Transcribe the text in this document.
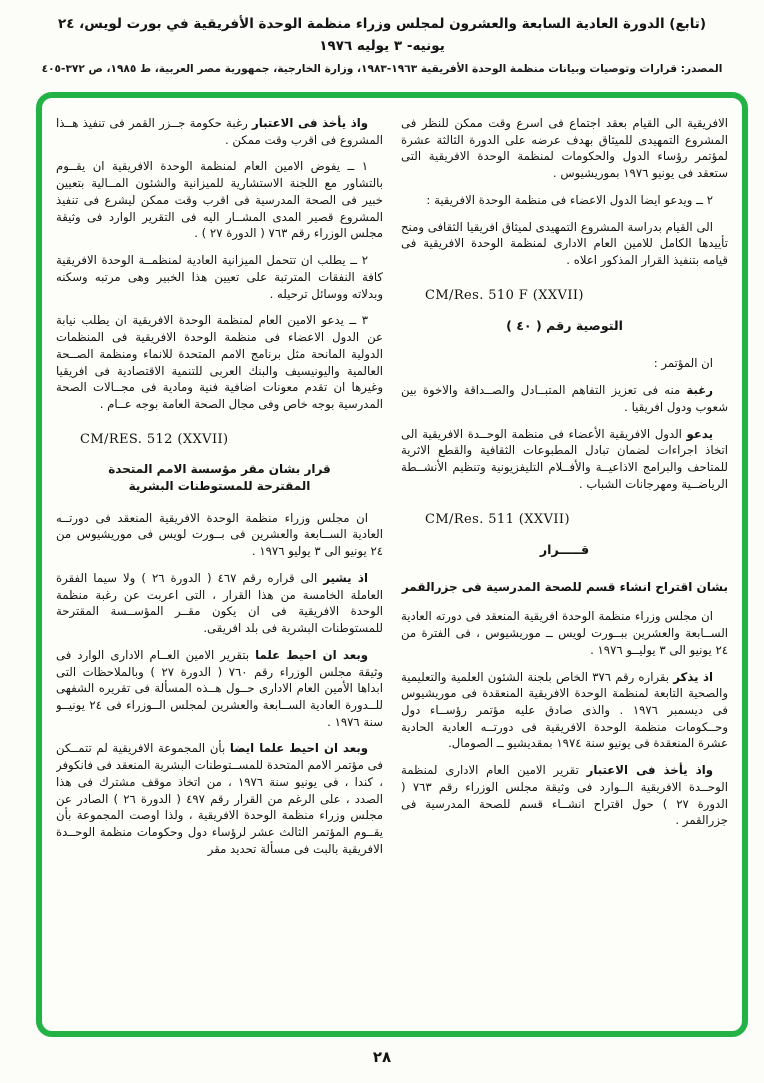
(تابع) الدورة العادية السابعة والعشرون لمجلس وزراء منظمة الوحدة الأفريقية في بورت لويس، ٢٤ يونيه- ٣ يوليه ١٩٧٦
المصدر: قرارات وتوصيات وبيانات منظمة الوحدة الأفريقية ١٩٦٣-١٩٨٣، وزارة الخارجية، جمهورية مصر العربية، ط ١٩٨٥، ص ٣٧٢-٤٠٥

الافريقية الى القيام بعقد اجتماع فى اسرع وقت ممكن للنظر فى المشروع التمهيدى للميثاق بهدف عرضه على الدورة الثالثة عشرة لمؤتمر رؤساء الدول والحكومات لمنظمة الوحدة الافريقية التى ستعقد فى يونيو ١٩٧٦ بموريشيوس .

٢ ــ ويدعو ايضا الدول الاعضاء فى منظمة الوحدة الافريقية :

الى القيام بدراسة المشروع التمهيدى لميثاق افريقيا الثقافى ومنح تأييدها الكامل للامين العام الادارى لمنظمة الوحدة الافريقية فى قيامه بتنفيذ القرار المذكور اعلاه .

CM/Res. 510 F (XXVII)

التوصية رقم ( ٤٠ )

ان المؤتمر :

رغبة منه فى تعزيز التفاهم المتبــادل والصــداقة والاخوة بين شعوب ودول افريقيا .

يدعو الدول الافريقية الأعضاء فى منظمة الوحــدة الافريقية الى اتخاذ اجراءات لضمان تبادل المطبوعات الثقافية والقطع الاثرية للمتاحف والبرامج الاذاعيــة والأفــلام التليفزيونية وتنظيم الأنشــطة الرياضــية ومهرجانات الشباب .

CM/Res. 511 (XXVII)

قـــــرار

بشان اقتراح انشاء قسم للصحة المدرسية فى جزرالقمر

ان مجلس وزراء منظمة الوحدة افريقية المنعقد فى دورته العادية الســابعة والعشرين ببــورت لويس ــ موريشيوس ، فى الفترة من ٢٤ يونيو الى ٣ يوليــو ١٩٧٦ .

اذ يذكر بقراره رقم ٣٧٦ الخاص بلجنة الشئون العلمية والتعليمية والصحية التابعة لمنظمة الوحدة الافريقية المنعقدة فى موريشيوس فى ديسمبر ١٩٧٦ . والذى صادق عليه مؤتمر رؤســاء دول وحــكومات منظمة الوحدة الافريقية فى دورتــه العادية الحادية عشرة المنعقدة فى يونيو سنة ١٩٧٤ بمقديشيو ــ الصومال.

واذ يأخذ فى الاعتبار تقرير الامين العام الادارى لمنظمة الوحــدة الافريقية الــوارد فى وثيقة مجلس الوزراء رقم ٧٦٣ ( الدورة ٢٧ ) حول اقتراح انشــاء قسم للصحة المدرسية فى جزرالقمر .

واذ يأخذ فى الاعتبار رغبة حكومة جــزر القمر فى تنفيذ هــذا المشروع فى اقرب وقت ممكن .

١ ــ يفوض الامين العام لمنظمة الوحدة الافريقية ان يقــوم بالتشاور مع اللجنة الاستشارية للميزانية والشئون المــالية بتعيين خبير فى الصحة المدرسية فى اقرب وقت ممكن ليشرع فى تنفيذ المشروع قصير المدى المشــار اليه فى التقرير الوارد فى وثيقة مجلس الوزراء رقم ٧٦٣ ( الدورة ٢٧ ) .

٢ ــ يطلب ان تتحمل الميزانية العادية لمنظمــة الوحدة الافريقية كافة النفقات المترتبة على تعيين هذا الخبير وهى مرتبه وسكنه وبدلاته ووسائل ترحيله .

٣ ــ يدعو الامين العام لمنظمة الوحدة الافريقية ان يطلب نيابة عن الدول الاعضاء فى منظمة الوحدة الافريقية فى المنظمات الدولية المانحة مثل برنامج الامم المتحدة للانماء ومنظمة الصــحة العالمية واليونيسيف والبنك العربى للتنمية الاقتصادية فى افريقيا وغيرها ان تقدم معونات اضافية فنية ومادية فى مجــالات الصحة المدرسية بوجه خاص وفى مجال الصحة العامة بوجه عــام .

CM/RES. 512 (XXVII)

قرار بشان مقر مؤسسة الامم المتحدة المقترحة للمستوطنات البشرية

ان مجلس وزراء منظمة الوحدة الافريقية المنعقد فى دورتــه العادية الســابعة والعشرين فى بــورت لويس فى موريشيوس من ٢٤ يونيو الى ٣ يوليو ١٩٧٦ .

اذ يشير الى قراره رقم ٤٦٧ ( الدورة ٢٦ ) ولا سيما الفقرة العاملة الخامسة من هذا القرار ، التى اعربت عن رغبة منظمة الوحدة الافريقية فى ان يكون مقــر المؤســسة المقترحة للمستوطنات البشرية فى بلد افريقى.

وبعد ان احيط علما بتقرير الامين العــام الادارى الوارد فى وثيقة مجلس الوزراء رقم ٧٦٠ ( الدورة ٢٧ ) وبالملاحظات التى ابداها الأمين العام الادارى حــول هــذه المسألة فى تقريره الشفهى للــدورة العادية الســابعة والعشرين لمجلس الــوزراء فى ٢٤ يونيــو سنة ١٩٧٦ .

وبعد ان احيط علما ايضا بأن المجموعة الافريقية لم تتمــكن فى مؤتمر الامم المتحدة للمســتوطنات البشرية المنعقد فى فانكوفر ، كندا ، فى يونيو سنة ١٩٧٦ ، من اتخاذ موقف مشترك فى هذا الصدد ، على الرغم من القرار رقم ٤٩٧ ( الدورة ٢٦ ) الصادر عن مجلس وزراء منظمة الوحدة الافريقية ، ولذا اوصت المجموعة بأن يقــوم المؤتمر الثالث عشر لرؤساء دول وحكومات منظمة الوحــدة الافريقية بالبت فى مسألة تحديد مقر

٢٨
